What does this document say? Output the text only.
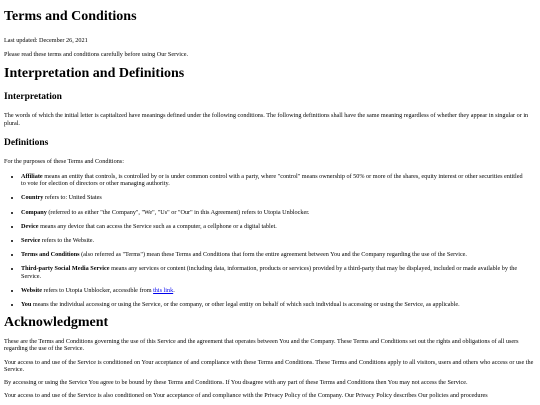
Terms and Conditions

Last updated: December 26, 2021

Please read these terms and conditions carefully before using Our Service.

Interpretation and Definitions
Interpretation

The words of which the initial letter is capitalized have meanings defined under the following conditions. The following definitions shall have the same meaning regardless of whether they appear in singular or in plural.

Definitions

For the purposes of these Terms and Conditions:

• Affiliate means an entity that controls, is controlled by or is under common control with a party, where "control" means ownership of 50% or more of the shares, equity interest or other securities entitled to vote for election of directors or other managing authority.
• Country refers to: United States
• Company (referred to as either "the Company", "We", "Us" or "Our" in this Agreement) refers to Utopia Unblocker.
• Device means any device that can access the Service such as a computer, a cellphone or a digital tablet.
• Service refers to the Website.
• Terms and Conditions (also referred as "Terms") mean these Terms and Conditions that form the entire agreement between You and the Company regarding the use of the Service.
• Third-party Social Media Service means any services or content (including data, information, products or services) provided by a third-party that may be displayed, included or made available by the Service.
• Website refers to Utopia Unblocker, accessible from this link.
• You means the individual accessing or using the Service, or the company, or other legal entity on behalf of which such individual is accessing or using the Service, as applicable.
Acknowledgment

These are the Terms and Conditions governing the use of this Service and the agreement that operates between You and the Company. These Terms and Conditions set out the rights and obligations of all users regarding the use of the Service.

Your access to and use of the Service is conditioned on Your acceptance of and compliance with these Terms and Conditions. These Terms and Conditions apply to all visitors, users and others who access or use the Service.

By accessing or using the Service You agree to be bound by these Terms and Conditions. If You disagree with any part of these Terms and Conditions then You may not access the Service.

Your access to and use of the Service is also conditioned on Your acceptance of and compliance with the Privacy Policy of the Company. Our Privacy Policy describes Our policies and procedures
